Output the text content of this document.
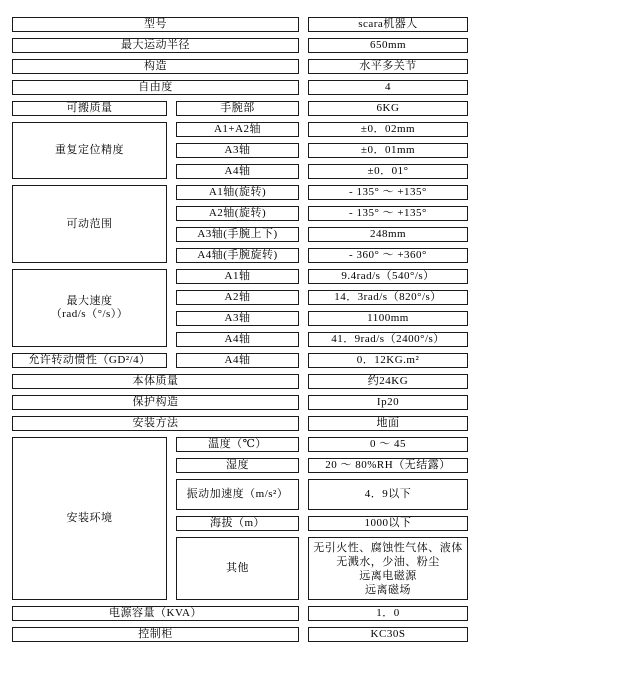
型号	scara机器人
最大运动半径	650mm
构造	水平多关节
自由度	4
可搬质量	手腕部	6KG
重复定位精度
A1+A2轴	±0．02mm
A3轴	±0．01mm
A4轴	±0．01°
可动范围
A1轴(旋转)	- 135° 〜 +135°
A2轴(旋转)	- 135° 〜 +135°
A3轴(手腕上下)	248mm
A4轴(手腕旋转)	- 360° 〜 +360°
最大速度
（rad/s（°/s））
A1轴	9.4rad/s（540°/s）
A2轴	14．3rad/s（820°/s）
A3轴	1100mm
A4轴	41．9rad/s（2400°/s）
允许转动惯性（GD²/4）	A4轴	0．12KG.m²
本体质量	约24KG
保护构造	Ip20
安装方法	地面
安装环境
温度（℃）	0 〜 45
湿度	20 〜 80%RH（无结露）
振动加速度（m/s²）	4．9以下
海拔（m）	1000以下
其他
无引火性、腐蚀性气体、液体
无溅水，少油、粉尘
远离电磁源
远离磁场
电源容量（KVA）	1．0
控制柜	KC30S
